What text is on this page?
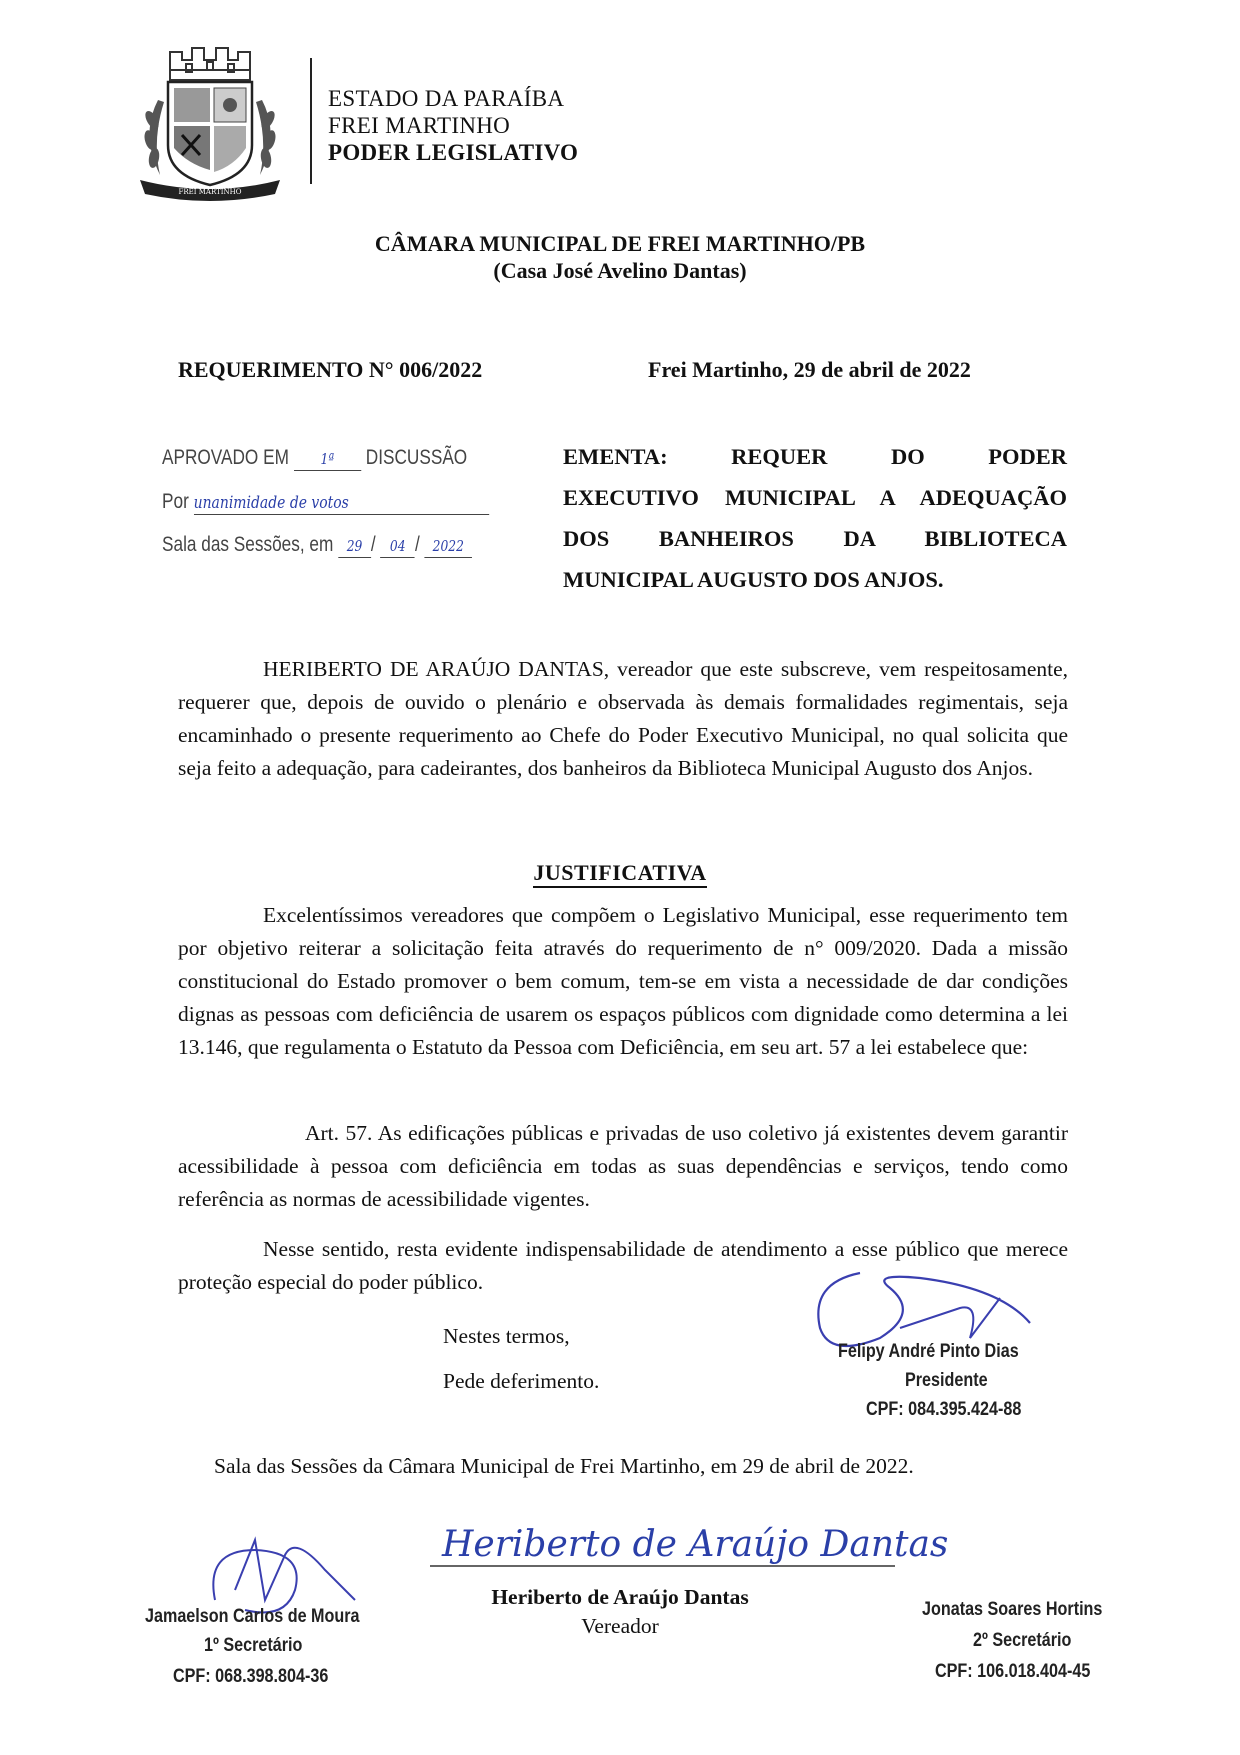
FREI MARTINHO
ESTADO DA PARAÍBA
FREI MARTINHO
PODER LEGISLATIVO
CÂMARA MUNICIPAL DE FREI MARTINHO/PB
(Casa José Avelino Dantas)
REQUERIMENTO N° 006/2022	Frei Martinho, 29 de abril de 2022
APROVADO EM 1ª DISCUSSÃO
Por unanimidade de votos
Sala das Sessões, em 29 / 04 / 2022
EMENTA: REQUER DO PODER
EXECUTIVO MUNICIPAL A ADEQUAÇÃO
DOS BANHEIROS DA BIBLIOTECA
MUNICIPAL AUGUSTO DOS ANJOS.
HERIBERTO DE ARAÚJO DANTAS, vereador que este subscreve, vem respeitosamente, requerer que, depois de ouvido o plenário e observada às demais formalidades regimentais, seja encaminhado o presente requerimento ao Chefe do Poder Executivo Municipal, no qual solicita que seja feito a adequação, para cadeirantes, dos banheiros da Biblioteca Municipal Augusto dos Anjos.
JUSTIFICATIVA
Excelentíssimos vereadores que compõem o Legislativo Municipal, esse requerimento tem por objetivo reiterar a solicitação feita através do requerimento de n° 009/2020. Dada a missão constitucional do Estado promover o bem comum, tem-se em vista a necessidade de dar condições dignas as pessoas com deficiência de usarem os espaços públicos com dignidade como determina a lei 13.146, que regulamenta o Estatuto da Pessoa com Deficiência, em seu art. 57 a lei estabelece que:
Art. 57. As edificações públicas e privadas de uso coletivo já existentes devem garantir acessibilidade à pessoa com deficiência em todas as suas dependências e serviços, tendo como referência as normas de acessibilidade vigentes.
Nesse sentido, resta evidente indispensabilidade de atendimento a esse público que merece proteção especial do poder público.
Nestes termos,
Pede deferimento.
Felipy André Pinto Dias
Presidente
CPF: 084.395.424-88
Sala das Sessões da Câmara Municipal de Frei Martinho, em 29 de abril de 2022.
Heriberto de Araújo Dantas
Heriberto de Araújo Dantas
Vereador
Jamaelson Carlos de Moura
1º Secretário
CPF: 068.398.804-36
Jonatas Soares Hortins
2º Secretário
CPF: 106.018.404-45
